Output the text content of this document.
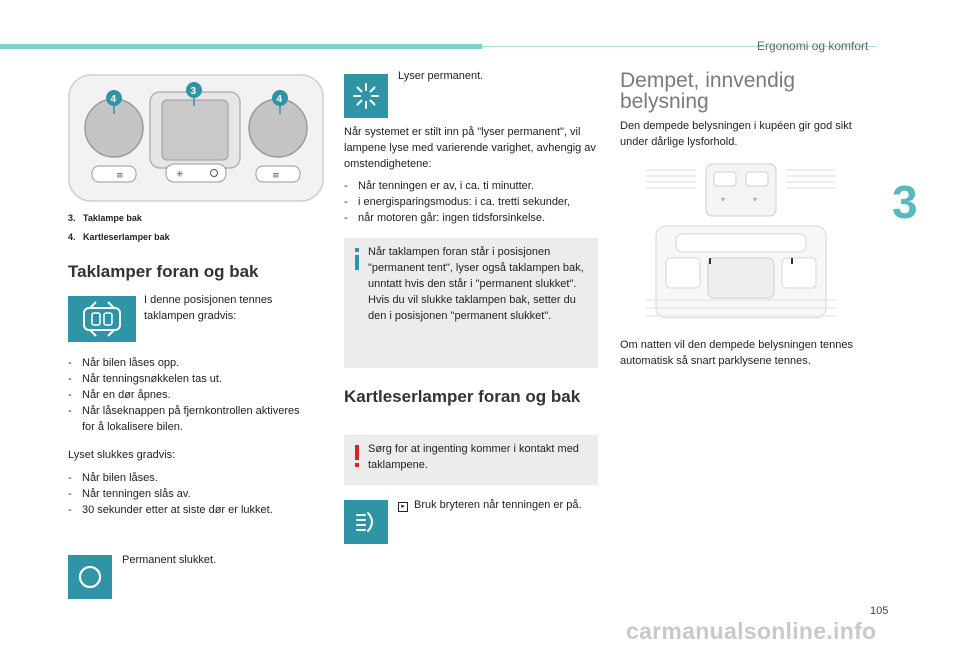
Ergonomi og komfort
3
105
≡	✳	≡
4
3
4
3. Taklampe bak
4. Kartleserlamper bak
Taklamper foran og bak
I denne posisjonen tennes taklampen gradvis:
- Når bilen låses opp.
- Når tenningsnøkkelen tas ut.
- Når en dør åpnes.
- Når låseknappen på fjernkontrollen aktiveres for å lokalisere bilen.
Lyset slukkes gradvis:
- Når bilen låses.
- Når tenningen slås av.
- 30 sekunder etter at siste dør er lukket.
Permanent slukket.
Lyser permanent.
Når systemet er stilt inn på "lyser permanent", vil lampene lyse med varierende varighet, avhengig av omstendighetene:
- Når tenningen er av, i ca. ti minutter.
- i energisparingsmodus: i ca. tretti sekunder,
- når motoren går: ingen tidsforsinkelse.
Når taklampen foran står i posisjonen "permanent tent", lyser også taklampen bak, unntatt hvis den står i "permanent slukket".
Hvis du vil slukke taklampen bak, setter du den i posisjonen "permanent slukket".
Kartleserlamper foran og bak
Sørg for at ingenting kommer i kontakt med taklampene.
▸ Bruk bryteren når tenningen er på.
Dempet, innvendig belysning
Den dempede belysningen i kupéen gir god sikt under dårlige lysforhold.
▾	▾
Om natten vil den dempede belysningen tennes automatisk så snart parklysene tennes.
carmanualsonline.info
